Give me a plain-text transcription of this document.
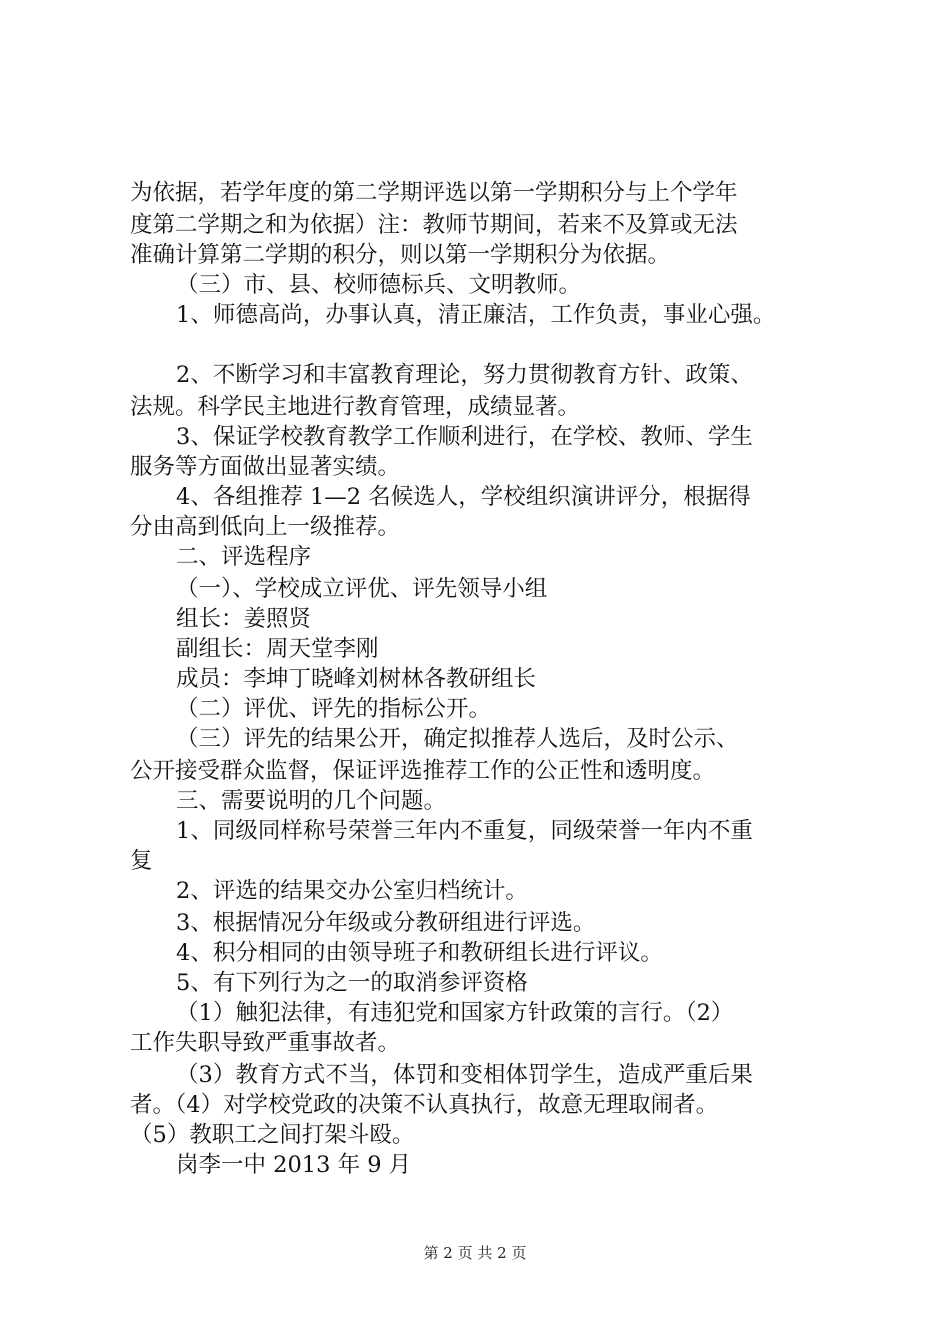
为依据，若学年度的第二学期评选以第一学期积分与上个学年
度第二学期之和为依据）注：教师节期间，若来不及算或无法
准确计算第二学期的积分，则以第一学期积分为依据。
（三）市、县、校师德标兵、文明教师。
1、师德高尚，办事认真，清正廉洁，工作负责，事业心强。
2、不断学习和丰富教育理论，努力贯彻教育方针、政策、
法规。科学民主地进行教育管理，成绩显著。
3、保证学校教育教学工作顺利进行，在学校、教师、学生
服务等方面做出显著实绩。
4、各组推荐 1—2 名候选人，学校组织演讲评分，根据得
分由高到低向上一级推荐。
二、评选程序
（一）、学校成立评优、评先领导小组
组长：姜照贤
副组长：周天堂李刚
成员：李坤丁晓峰刘树林各教研组长
（二）评优、评先的指标公开。
（三）评先的结果公开，确定拟推荐人选后，及时公示、
公开接受群众监督，保证评选推荐工作的公正性和透明度。
三、需要说明的几个问题。
1、同级同样称号荣誉三年内不重复，同级荣誉一年内不重
复
2、评选的结果交办公室归档统计。
3、根据情况分年级或分教研组进行评选。
4、积分相同的由领导班子和教研组长进行评议。
5、有下列行为之一的取消参评资格
（1）触犯法律，有违犯党和国家方针政策的言行。（2）
工作失职导致严重事故者。
（3）教育方式不当，体罚和变相体罚学生，造成严重后果
者。（4）对学校党政的决策不认真执行，故意无理取闹者。
（5）教职工之间打架斗殴。
岗李一中 2013 年 9 月
第 2 页 共 2 页
